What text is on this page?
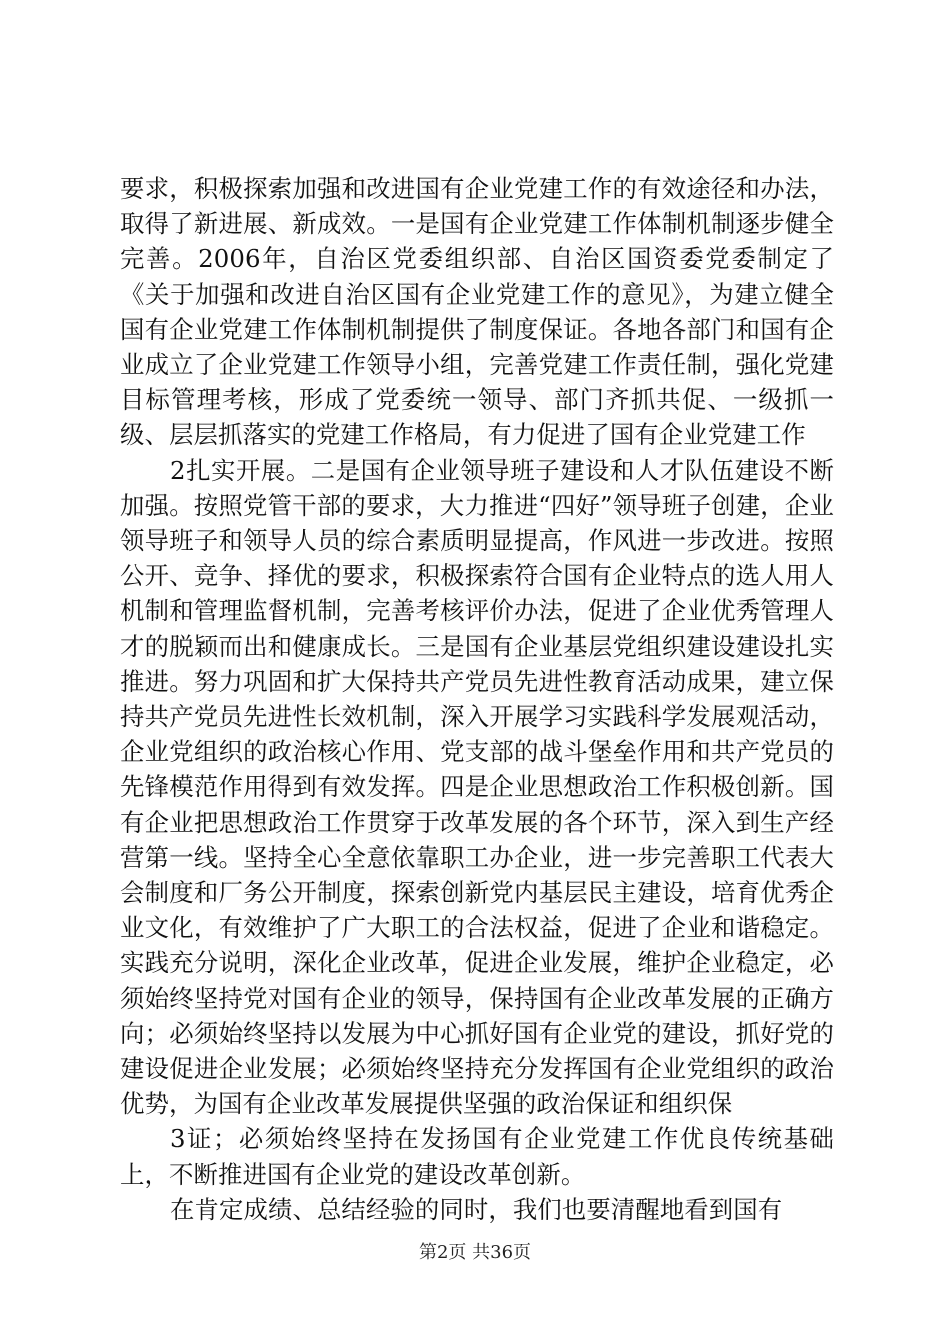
要求，积极探索加强和改进国有企业党建工作的有效途径和办法，取得了新进展、新成效。一是国有企业党建工作体制机制逐步健全完善。2006年，自治区党委组织部、自治区国资委党委制定了《关于加强和改进自治区国有企业党建工作的意见》，为建立健全国有企业党建工作体制机制提供了制度保证。各地各部门和国有企业成立了企业党建工作领导小组，完善党建工作责任制，强化党建目标管理考核，形成了党委统一领导、部门齐抓共促、一级抓一级、层层抓落实的党建工作格局，有力促进了国有企业党建工作

2扎实开展。二是国有企业领导班子建设和人才队伍建设不断加强。按照党管干部的要求，大力推进“四好”领导班子创建，企业领导班子和领导人员的综合素质明显提高，作风进一步改进。按照公开、竞争、择优的要求，积极探索符合国有企业特点的选人用人机制和管理监督机制，完善考核评价办法，促进了企业优秀管理人才的脱颖而出和健康成长。三是国有企业基层党组织建设建设扎实推进。努力巩固和扩大保持共产党员先进性教育活动成果，建立保持共产党员先进性长效机制，深入开展学习实践科学发展观活动，企业党组织的政治核心作用、党支部的战斗堡垒作用和共产党员的先锋模范作用得到有效发挥。四是企业思想政治工作积极创新。国有企业把思想政治工作贯穿于改革发展的各个环节，深入到生产经营第一线。坚持全心全意依靠职工办企业，进一步完善职工代表大会制度和厂务公开制度，探索创新党内基层民主建设，培育优秀企业文化，有效维护了广大职工的合法权益，促进了企业和谐稳定。实践充分说明，深化企业改革，促进企业发展，维护企业稳定，必须始终坚持党对国有企业的领导，保持国有企业改革发展的正确方向；必须始终坚持以发展为中心抓好国有企业党的建设，抓好党的建设促进企业发展；必须始终坚持充分发挥国有企业党组织的政治优势，为国有企业改革发展提供坚强的政治保证和组织保

3证；必须始终坚持在发扬国有企业党建工作优良传统基础上，不断推进国有企业党的建设改革创新。

在肯定成绩、总结经验的同时，我们也要清醒地看到国有

第2页 共36页
